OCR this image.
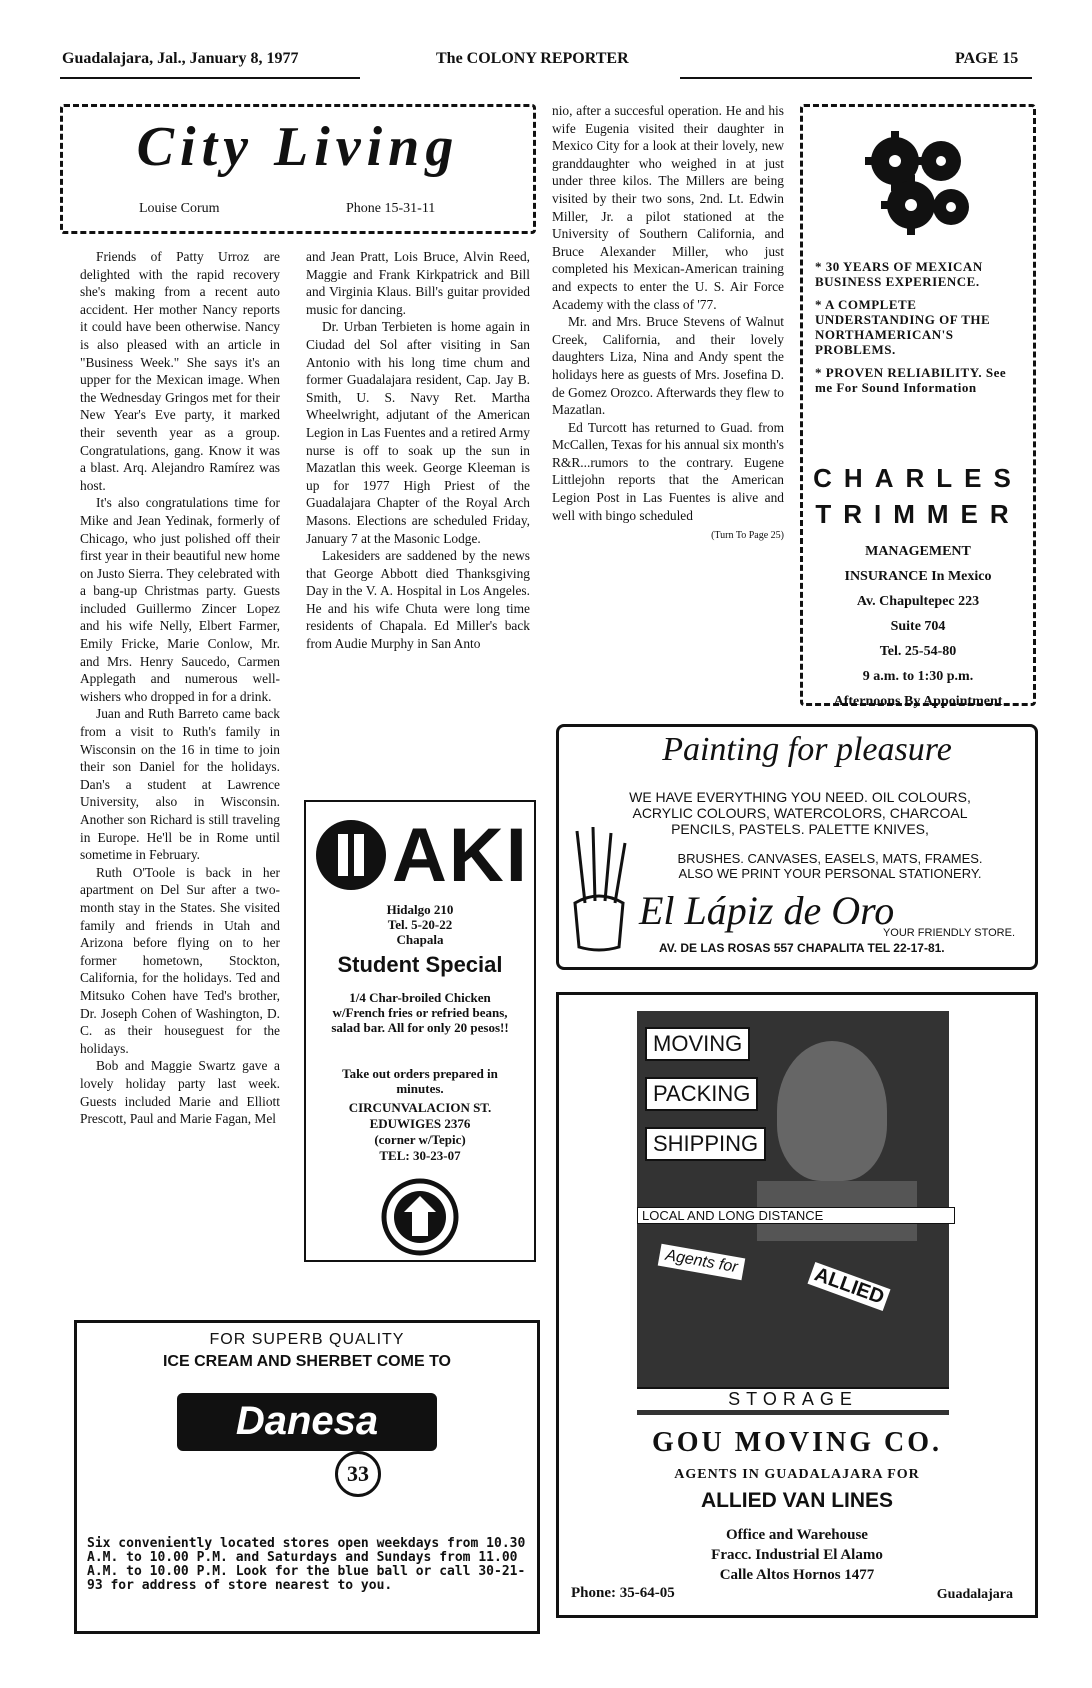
Guadalajara, Jal., January 8, 1977	The COLONY REPORTER	PAGE 15
City Living
Louise Corum	Phone 15-31-11

Friends of Patty Urroz are delighted with the rapid recovery she's making from a recent auto accident. Her mother Nancy reports it could have been otherwise. Nancy is also pleased with an article in "Business Week." She says it's an upper for the Mexican image. When the Wednesday Gringos met for their New Year's Eve party, it marked their seventh year as a group. Congratulations, gang. Know it was a blast. Arq. Alejandro Ramírez was host.

It's also congratulations time for Mike and Jean Yedinak, formerly of Chicago, who just polished off their first year in their beautiful new home on Justo Sierra. They celebrated with a bang-up Christmas party. Guests included Guillermo Zincer Lopez and his wife Nelly, Elbert Farmer, Emily Fricke, Marie Conlow, Mr. and Mrs. Henry Saucedo, Carmen Applegath and numerous well-wishers who dropped in for a drink.

Juan and Ruth Barreto came back from a visit to Ruth's family in Wisconsin on the 16 in time to join their son Daniel for the holidays. Dan's a student at Lawrence University, also in Wisconsin. Another son Richard is still traveling in Europe. He'll be in Rome until sometime in February.

Ruth O'Toole is back in her apartment on Del Sur after a two-month stay in the States. She visited family and friends in Utah and Arizona before flying on to her former hometown, Stockton, California, for the holidays. Ted and Mitsuko Cohen have Ted's brother, Dr. Joseph Cohen of Washington, D. C. as their houseguest for the holidays.

Bob and Maggie Swartz gave a lovely holiday party last week. Guests included Marie and Elliott Prescott, Paul and Marie Fagan, Mel

and Jean Pratt, Lois Bruce, Alvin Reed, Maggie and Frank Kirkpatrick and Bill and Virginia Klaus. Bill's guitar provided music for dancing.

Dr. Urban Terbieten is home again in Ciudad del Sol after visiting in San Antonio with his long time chum and former Guadalajara resident, Cap. Jay B. Smith, U. S. Navy Ret. Martha Wheelwright, adjutant of the American Legion in Las Fuentes and a retired Army nurse is off to soak up the sun in Mazatlan this week. George Kleeman is up for 1977 High Priest of the Guadalajara Chapter of the Royal Arch Masons. Elections are scheduled Friday, January 7 at the Masonic Lodge.

Lakesiders are saddened by the news that George Abbott died Thanksgiving Day in the V. A. Hospital in Los Angeles. He and his wife Chuta were long time residents of Chapala. Ed Miller's back from Audie Murphy in San Anto

nio, after a succesful operation. He and his wife Eugenia visited their daughter in Mexico City for a look at their lovely, new granddaughter who weighed in at just under three kilos. The Millers are being visited by their two sons, 2nd. Lt. Edwin Miller, Jr. a pilot stationed at the University of Southern California, and Bruce Alexander Miller, who just completed his Mexican-American training and expects to enter the U. S. Air Force Academy with the class of '77.

Mr. and Mrs. Bruce Stevens of Walnut Creek, California, and their lovely daughters Liza, Nina and Andy spent the holidays here as guests of Mrs. Josefina D. de Gomez Orozco. Afterwards they flew to Mazatlan.

Ed Turcott has returned to Guad. from McCallen, Texas for his annual six month's R&R...rumors to the contrary. Eugene Littlejohn reports that the American Legion Post in Las Fuentes is alive and well with bingo scheduled

(Turn To Page 25)
AKI
Hidalgo 210
Tel. 5-20-22
Chapala
Student Special
1/4 Char-broiled Chicken w/French fries or refried beans, salad bar. All for only 20 pesos!!
Take out orders prepared in minutes.
CIRCUNVALACION ST.
EDUWIGES 2376
(corner w/Tepic)
TEL: 30-23-07
FOR SUPERB QUALITY
ICE CREAM AND SHERBET COME TO
Danesa
33
Six conveniently located stores open weekdays from 10.30 A.M. to 10.00 P.M. and Saturdays and Sundays from 11.00 A.M. to 10.00 P.M. Look for the blue ball or call 30-21-93 for address of store nearest to you.
* 30 YEARS OF MEXICAN BUSINESS EXPERIENCE.
* A COMPLETE UNDERSTANDING OF THE NORTHAMERICAN'S PROBLEMS.
* PROVEN RELIABILITY. See me For Sound Information
CHARLES
TRIMMER
MANAGEMENT
INSURANCE In Mexico
Av. Chapultepec 223
Suite 704
Tel. 25-54-80
9 a.m. to 1:30 p.m.
Afternoons By Appointment
Painting for pleasure
WE HAVE EVERYTHING YOU NEED. OIL COLOURS,
ACRYLIC COLOURS, WATERCOLORS, CHARCOAL
PENCILS, PASTELS. PALETTE KNIVES,
BRUSHES. CANVASES, EASELS, MATS, FRAMES.
ALSO WE PRINT YOUR PERSONAL STATIONERY.
El Lápiz de Oro
YOUR FRIENDLY STORE.
AV. DE LAS ROSAS 557 CHAPALITA TEL 22-17-81.
MOVING
PACKING
SHIPPING
LOCAL AND LONG DISTANCE
Agents for
ALLIED
STORAGE
GOU MOVING CO.
AGENTS IN GUADALAJARA FOR
ALLIED VAN LINES
Office and Warehouse
Fracc. Industrial El Alamo
Calle Altos Hornos 1477
Phone: 35-64-05	Guadalajara
